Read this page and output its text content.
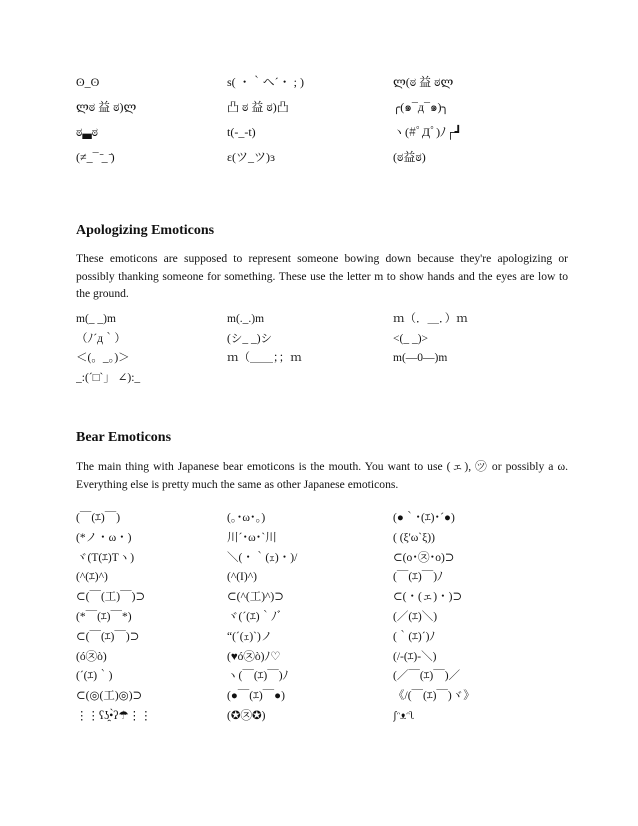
ʘ_ʘ	s( ・｀ヘ´・ ; )	ლ(ಠ 益 ಠლ
ლಠ 益 ಠ)ლ	凸 ಠ 益 ಠ)凸	╭(๑¯д¯๑)╮
ಠ▃ಠ	t(-_-t)	ヽ(#ﾟДﾟ)ﾉ┌┛
(≠_¯ ̄_ ̄)	ɛ(ツ_ツ)ɜ	(ಠ益ಠ)
Apologizing Emoticons

These emoticons are supposed to represent someone bowing down because they're apologizing or possibly thanking someone for something. These use the letter m to show hands and the eyes are low to the ground.

m(_ _)m	m(._.)m	ｍ（．＿．）ｍ
（ﾉ´д｀）	(シ_ _)シ	<(_ _)>
＜(。_。)＞	ｍ（＿＿；；ｍ	m(—0—)m
_:(´□`」 ∠):_
Bear Emoticons

The main thing with Japanese bear emoticons is the mouth. You want to use (ェ), ㋡ or possibly a ω. Everything else is pretty much the same as other Japanese emoticons.

(￣(ｴ)￣)	(｡･ω･｡)	(●｀･(ｴ)･´●)
(*ノ・ω・)	川´･ω･`川	( (ξ'ω`ξ))
ヾ(T(ｴ)Tヽ)	＼(・｀(ｪ)・)/	⊂(o･㉨･o)⊃
(^(ｴ)^)	(^(I)^)	(￣(ｴ)￣)ﾉ
⊂(￣(工)￣)⊃	⊂(^(工)^)⊃	⊂(・(ェ)・)⊃
(*￣(ｴ)￣*)	ヾ(´(ｴ)｀ﾉﾞ	(／(ｴ)＼)
⊂(￣(ｴ)￣)⊃	“(´(ｪ)`)ノ	(｀(ｴ)´)ﾉ
(ó㉨ò)	(♥ó㉨ò)ﾉ♡	(/-(ｴ)-＼)
(´(ｴ)｀)	ヽ(￣(ｴ)￣)ﾉ	(／￣(ｴ)￣)／
⊂(◎(工)◎)⊃	(●￣(ｴ)￣●)	《/(￣(ｴ)￣)ヾ》
⋮⋮ʕʖ̯•̀ʔ☂⋮⋮	(✪㉨✪)	ʃᵔᴥᵔʅ
